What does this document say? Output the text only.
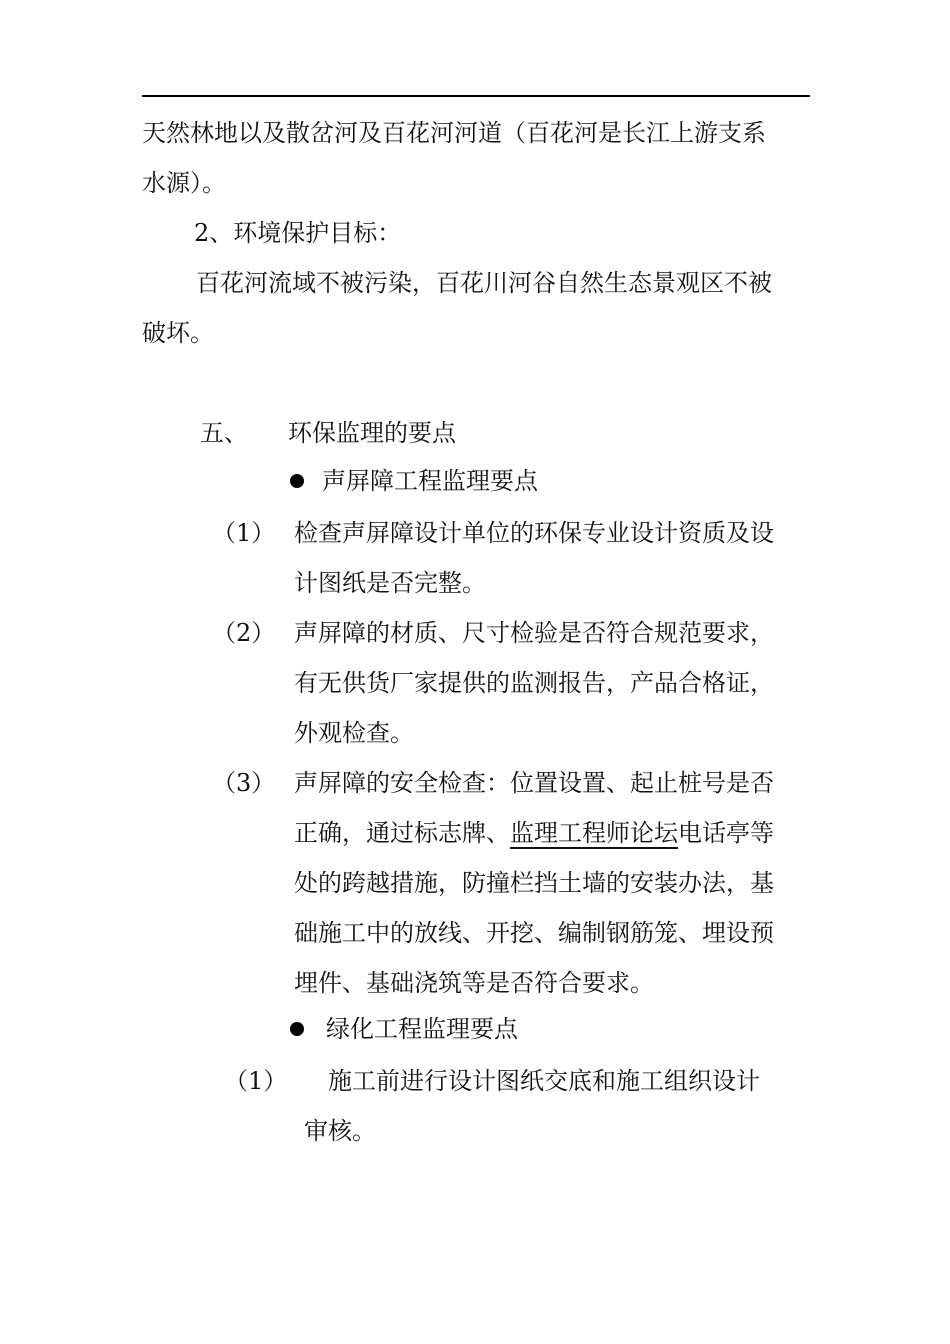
天然林地以及散岔河及百花河河道（百花河是长江上游支系
水源）。
2、环境保护目标：
百花河流域不被污染，百花川河谷自然生态景观区不被
破坏。
五、 环保监理的要点
声屏障工程监理要点
（1） 检查声屏障设计单位的环保专业设计资质及设
计图纸是否完整。
（2） 声屏障的材质、尺寸检验是否符合规范要求，
有无供货厂家提供的监测报告，产品合格证，
外观检查。
（3） 声屏障的安全检查：位置设置、起止桩号是否
正确，通过标志牌、监理工程师论坛电话亭等
处的跨越措施，防撞栏挡土墙的安装办法，基
础施工中的放线、开挖、编制钢筋笼、埋设预
埋件、基础浇筑等是否符合要求。
绿化工程监理要点
（1） 施工前进行设计图纸交底和施工组织设计
审核。
